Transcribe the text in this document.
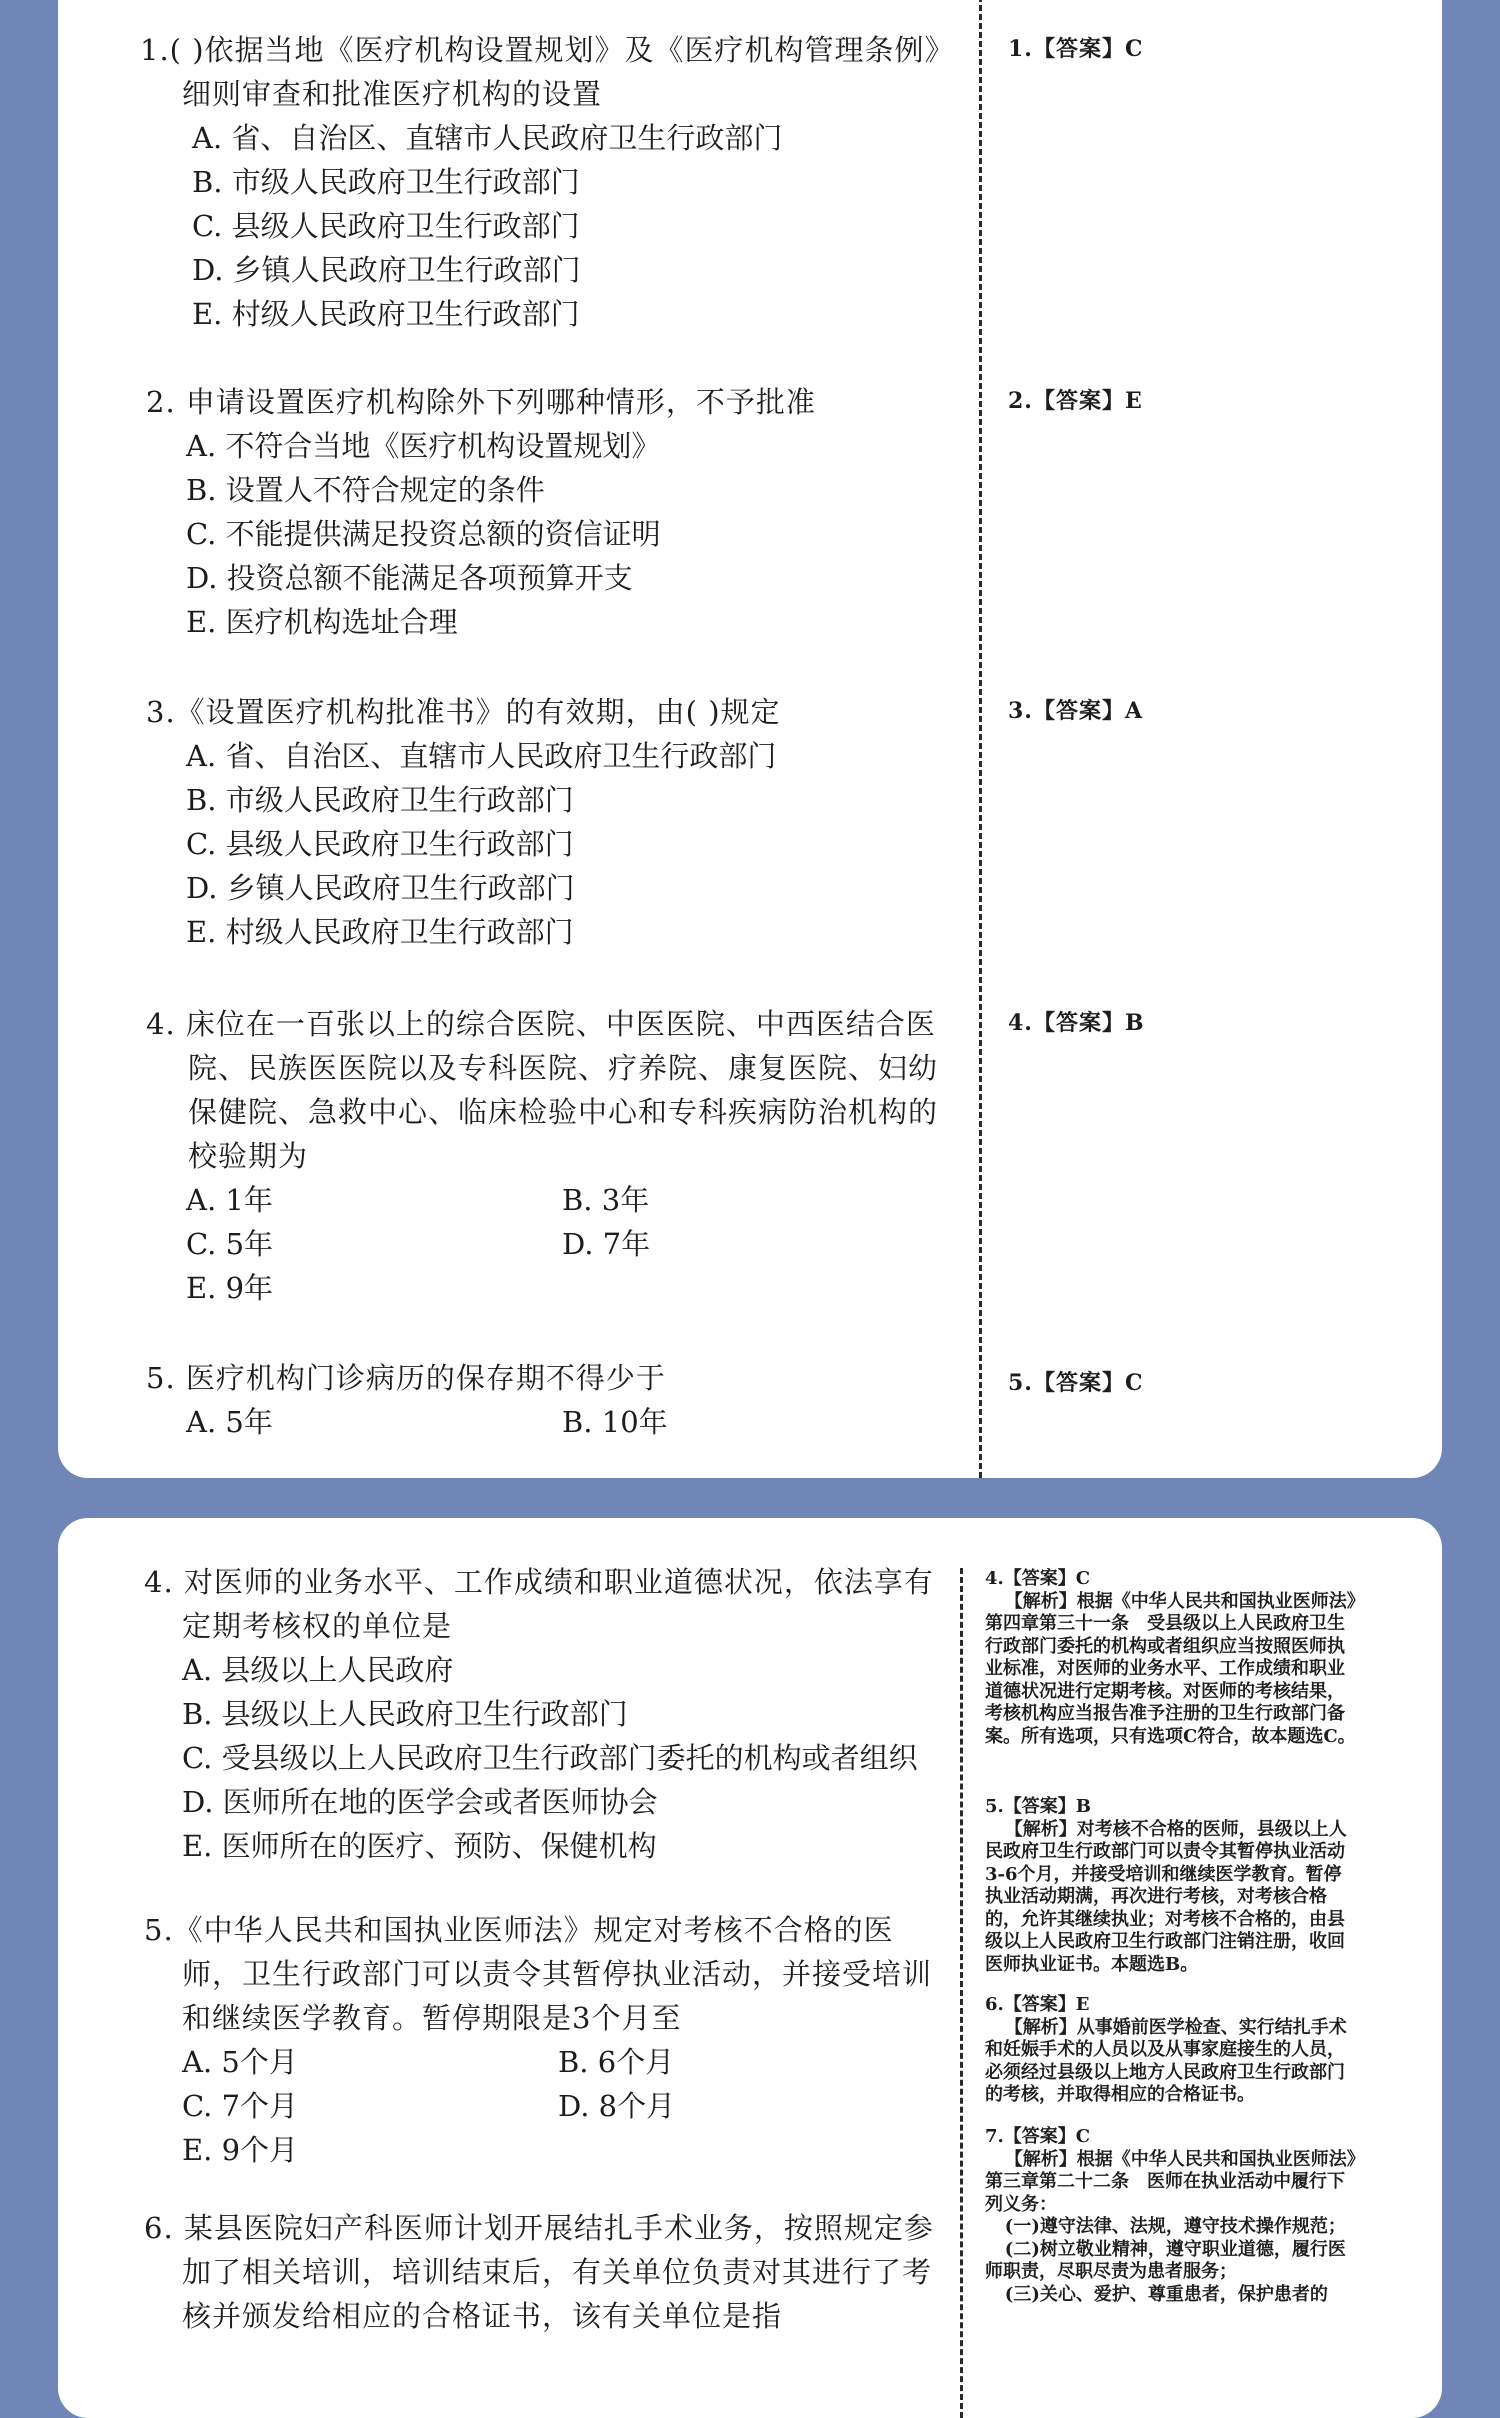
1.( )依据当地《医疗机构设置规划》及《医疗机构管理条例》细则审查和批准医疗机构的设置
A. 省、自治区、直辖市人民政府卫生行政部门
B. 市级人民政府卫生行政部门
C. 县级人民政府卫生行政部门
D. 乡镇人民政府卫生行政部门
E. 村级人民政府卫生行政部门
1.【答案】C
2. 申请设置医疗机构除外下列哪种情形，不予批准
A. 不符合当地《医疗机构设置规划》
B. 设置人不符合规定的条件
C. 不能提供满足投资总额的资信证明
D. 投资总额不能满足各项预算开支
E. 医疗机构选址合理
2.【答案】E
3.《设置医疗机构批准书》的有效期，由( )规定
A. 省、自治区、直辖市人民政府卫生行政部门
B. 市级人民政府卫生行政部门
C. 县级人民政府卫生行政部门
D. 乡镇人民政府卫生行政部门
E. 村级人民政府卫生行政部门
3.【答案】A
4. 床位在一百张以上的综合医院、中医医院、中西医结合医院、民族医医院以及专科医院、疗养院、康复医院、妇幼保健院、急救中心、临床检验中心和专科疾病防治机构的校验期为
A. 1年	B. 3年
C. 5年	D. 7年
E. 9年
4.【答案】B
5. 医疗机构门诊病历的保存期不得少于
A. 5年	B. 10年
5.【答案】C
4. 对医师的业务水平、工作成绩和职业道德状况，依法享有定期考核权的单位是
A. 县级以上人民政府
B. 县级以上人民政府卫生行政部门
C. 受县级以上人民政府卫生行政部门委托的机构或者组织
D. 医师所在地的医学会或者医师协会
E. 医师所在的医疗、预防、保健机构
5.《中华人民共和国执业医师法》规定对考核不合格的医师，卫生行政部门可以责令其暂停执业活动，并接受培训和继续医学教育。暂停期限是3个月至
A. 5个月	B. 6个月
C. 7个月	D. 8个月
E. 9个月
6. 某县医院妇产科医师计划开展结扎手术业务，按照规定参加了相关培训，培训结束后，有关单位负责对其进行了考核并颁发给相应的合格证书，该有关单位是指
4.【答案】C
【解析】根据《中华人民共和国执业医师法》第四章第三十一条　受县级以上人民政府卫生行政部门委托的机构或者组织应当按照医师执业标准，对医师的业务水平、工作成绩和职业道德状况进行定期考核。对医师的考核结果，考核机构应当报告准予注册的卫生行政部门备案。所有选项，只有选项C符合，故本题选C。
5.【答案】B
【解析】对考核不合格的医师，县级以上人民政府卫生行政部门可以责令其暂停执业活动3-6个月，并接受培训和继续医学教育。暂停执业活动期满，再次进行考核，对考核合格的，允许其继续执业；对考核不合格的，由县级以上人民政府卫生行政部门注销注册，收回医师执业证书。本题选B。
6.【答案】E
【解析】从事婚前医学检查、实行结扎手术和妊娠手术的人员以及从事家庭接生的人员，必须经过县级以上地方人民政府卫生行政部门的考核，并取得相应的合格证书。
7.【答案】C
【解析】根据《中华人民共和国执业医师法》第三章第二十二条　医师在执业活动中履行下列义务：
(一)遵守法律、法规，遵守技术操作规范；
(二)树立敬业精神，遵守职业道德，履行医师职责，尽职尽责为患者服务；
(三)关心、爱护、尊重患者，保护患者的
